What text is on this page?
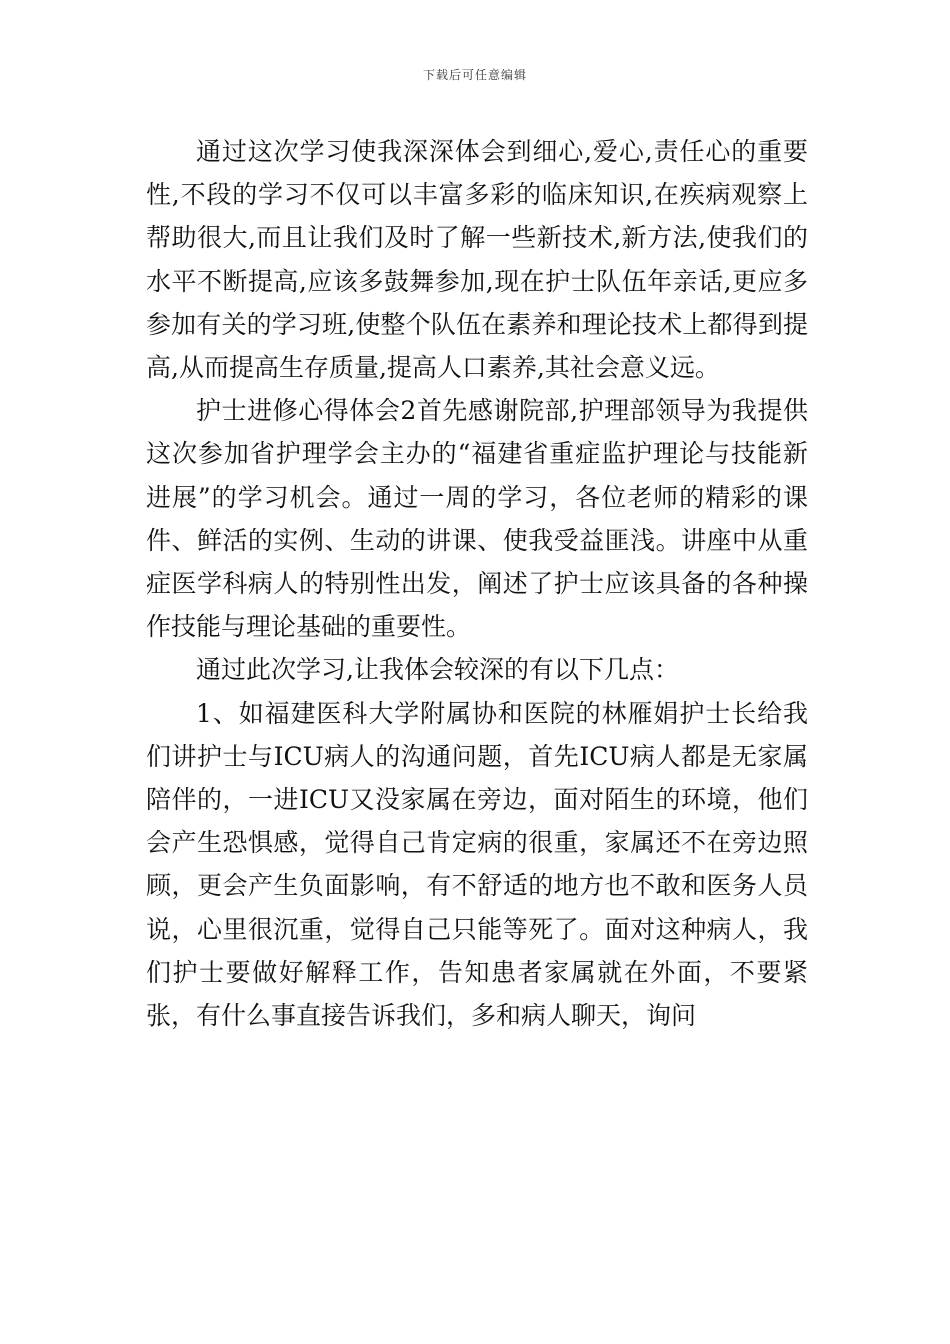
下载后可任意编辑

通过这次学习使我深深体会到细心,爱心,责任心的重要性,不段的学习不仅可以丰富多彩的临床知识,在疾病观察上帮助很大,而且让我们及时了解一些新技术,新方法,使我们的水平不断提高,应该多鼓舞参加,现在护士队伍年亲话,更应多参加有关的学习班,使整个队伍在素养和理论技术上都得到提高,从而提高生存质量,提高人口素养,其社会意义远。

护士进修心得体会2首先感谢院部,护理部领导为我提供这次参加省护理学会主办的“福建省重症监护理论与技能新进展”的学习机会。通过一周的学习，各位老师的精彩的课件、鲜活的实例、生动的讲课、使我受益匪浅。讲座中从重症医学科病人的特别性出发，阐述了护士应该具备的各种操作技能与理论基础的重要性。

通过此次学习,让我体会较深的有以下几点：

1、如福建医科大学附属协和医院的林雁娟护士长给我们讲护士与ICU病人的沟通问题，首先ICU病人都是无家属陪伴的，一进ICU又没家属在旁边，面对陌生的环境，他们会产生恐惧感，觉得自己肯定病的很重，家属还不在旁边照顾，更会产生负面影响，有不舒适的地方也不敢和医务人员说，心里很沉重，觉得自己只能等死了。面对这种病人，我们护士要做好解释工作，告知患者家属就在外面，不要紧张，有什么事直接告诉我们，多和病人聊天，询问
